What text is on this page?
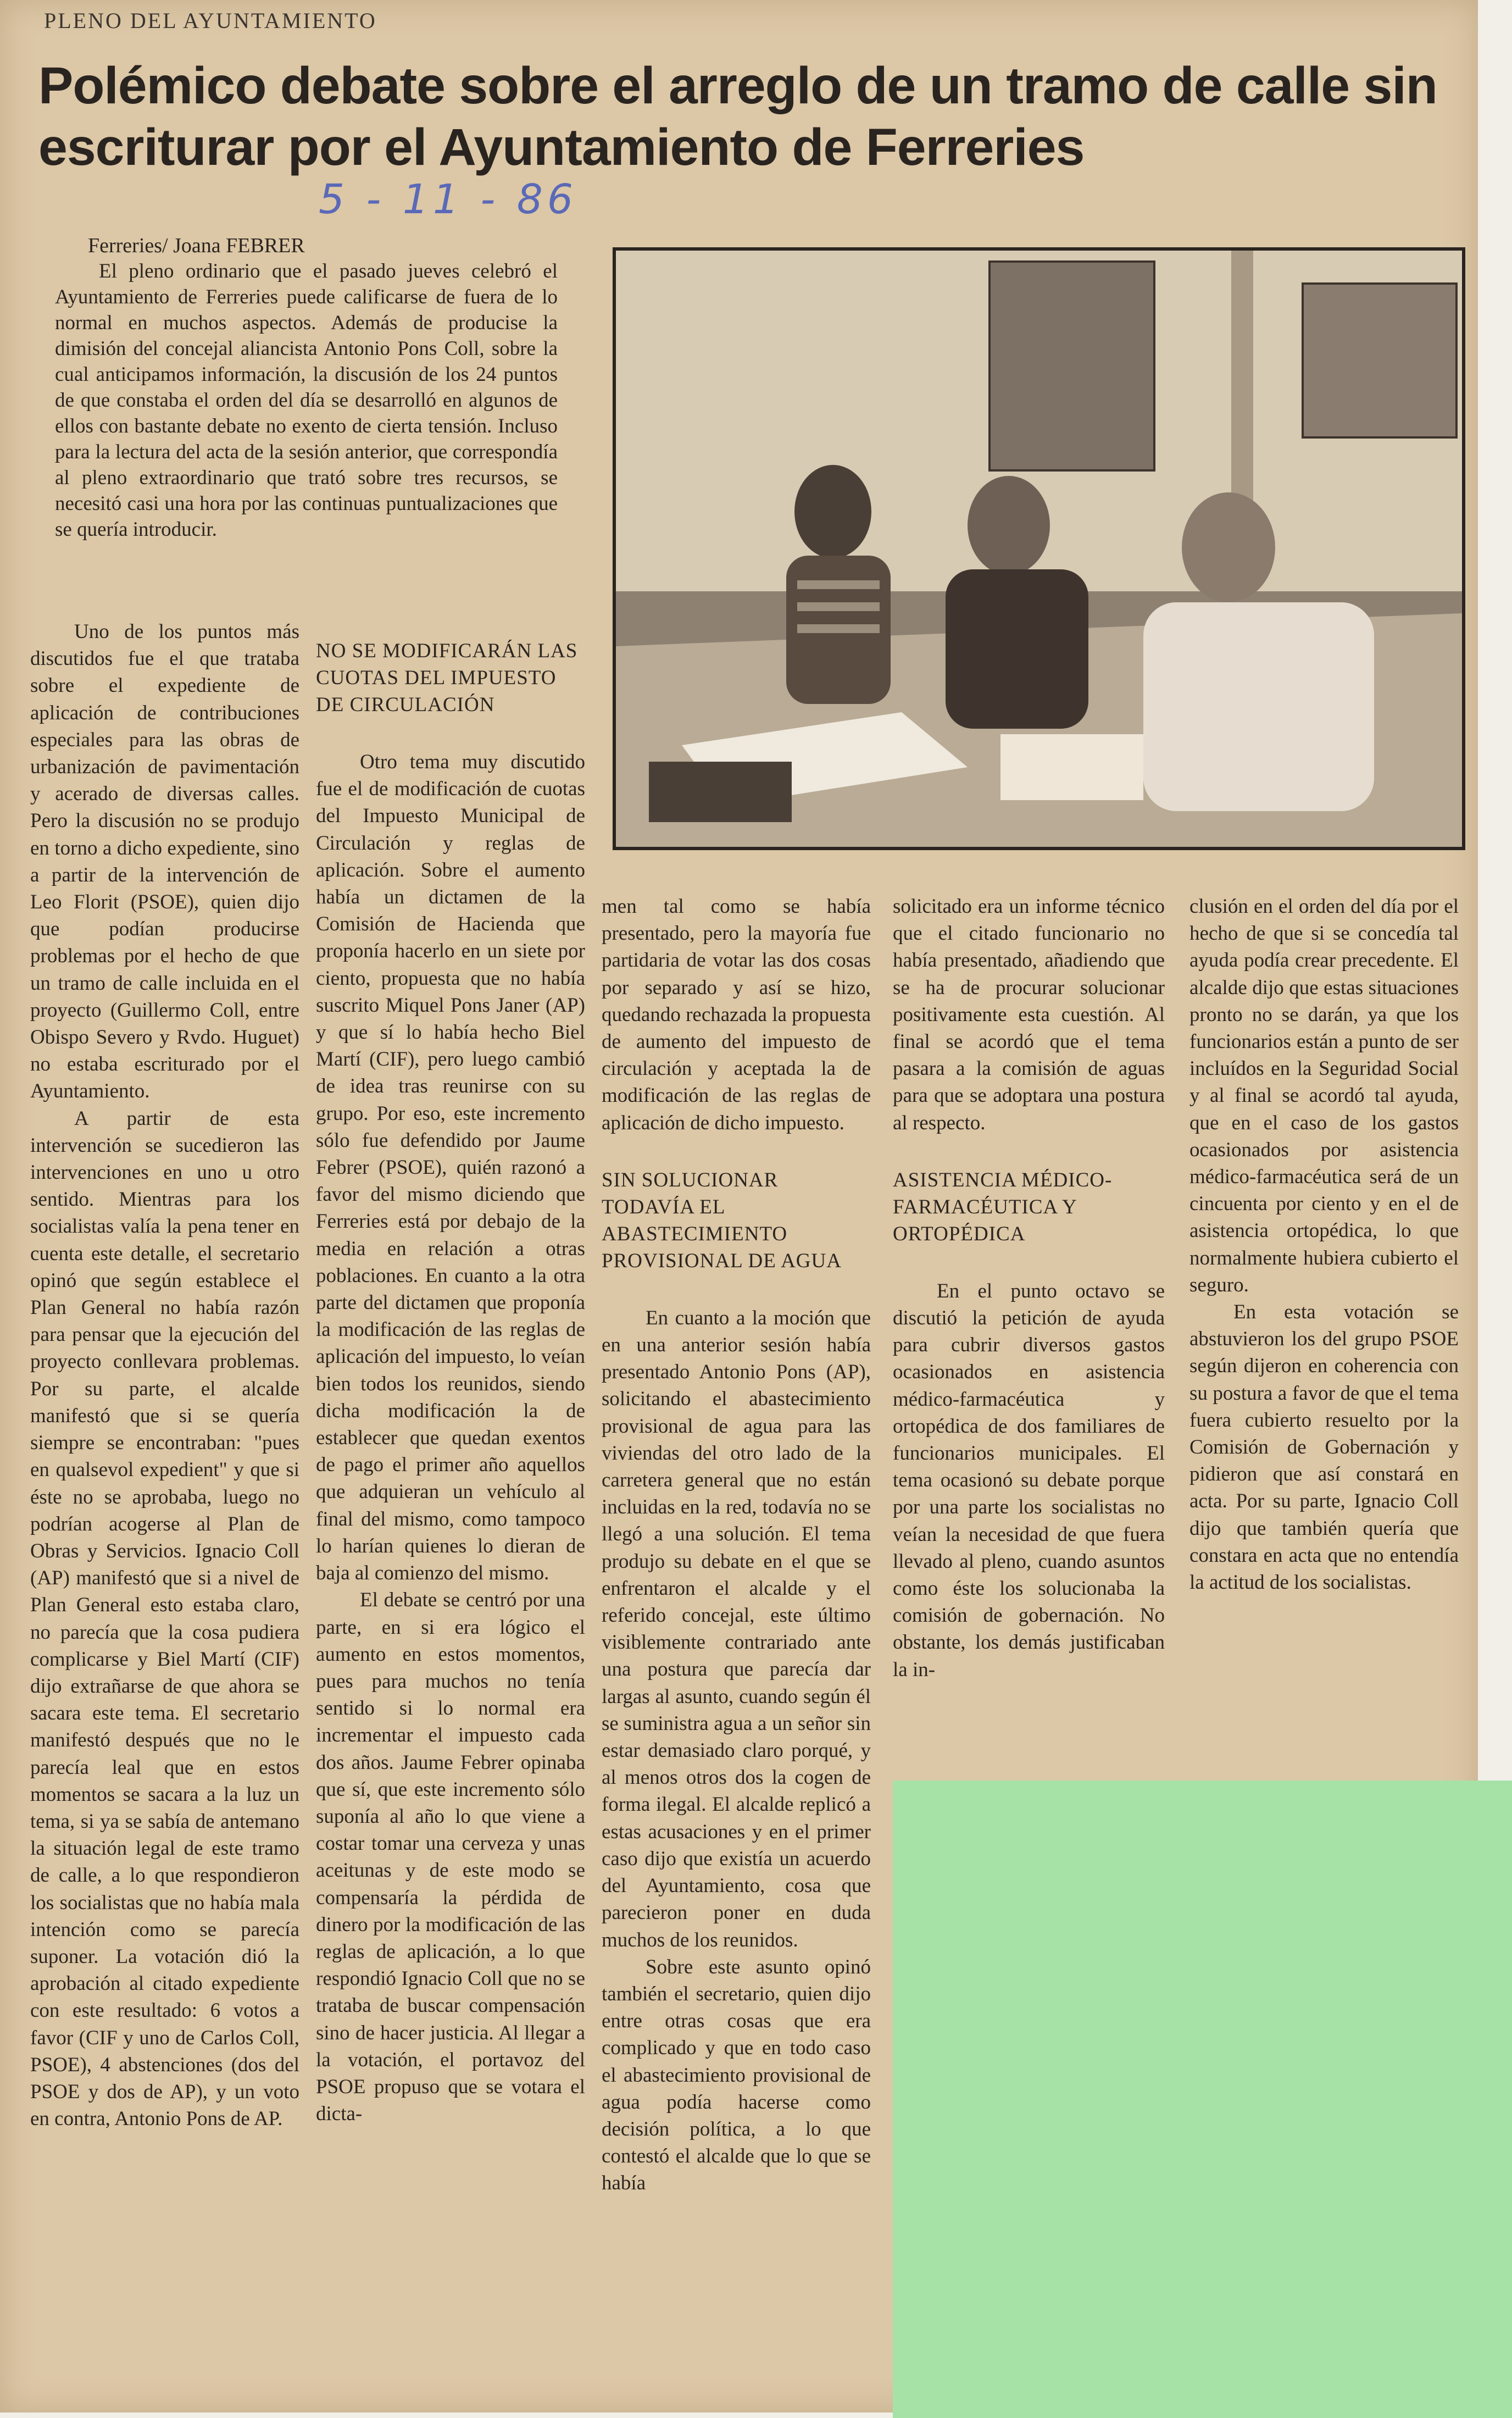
PLENO DEL AYUNTAMIENTO
Polémico debate sobre el arreglo de un tramo de calle sin
escriturar por el Ayuntamiento de Ferreries
5 - 11 - 86
Ferreries/ Joana FEBRER

El pleno ordinario que el pasado jueves celebró el Ayuntamiento de Ferreries puede calificarse de fuera de lo normal en muchos aspectos. Además de producise la dimisión del concejal aliancista Antonio Pons Coll, sobre la cual anticipamos información, la discusión de los 24 puntos de que constaba el orden del día se desarrolló en algunos de ellos con bastante debate no exento de cierta tensión. Incluso para la lectura del acta de la sesión anterior, que correspondía al pleno extraordinario que trató sobre tres recursos, se necesitó casi una hora por las continuas puntualizaciones que se quería introducir.

Uno de los puntos más discutidos fue el que trataba sobre el expediente de aplicación de contribuciones especiales para las obras de urbanización de pavimentación y acerado de diversas calles. Pero la discusión no se produjo en torno a dicho expediente, sino a partir de la intervención de Leo Florit (PSOE), quien dijo que podían producirse problemas por el hecho de que un tramo de calle incluida en el proyecto (Guillermo Coll, entre Obispo Severo y Rvdo. Huguet) no estaba escriturado por el Ayuntamiento.

A partir de esta intervención se sucedieron las intervenciones en uno u otro sentido. Mientras para los socialistas valía la pena tener en cuenta este detalle, el secretario opinó que según establece el Plan General no había razón para pensar que la ejecución del proyecto conllevara problemas. Por su parte, el alcalde manifestó que si se quería siempre se encontraban: "pues en qualsevol expedient" y que si éste no se aprobaba, luego no podrían acogerse al Plan de Obras y Servicios. Ignacio Coll (AP) manifestó que si a nivel de Plan General esto estaba claro, no parecía que la cosa pudiera complicarse y Biel Martí (CIF) dijo extrañarse de que ahora se sacara este tema. El secretario manifestó después que no le parecía leal que en estos momentos se sacara a la luz un tema, si ya se sabía de antemano la situación legal de este tramo de calle, a lo que respondieron los socialistas que no había mala intención como se parecía suponer. La votación dió la aprobación al citado expediente con este resultado: 6 votos a favor (CIF y uno de Carlos Coll, PSOE), 4 abstenciones (dos del PSOE y dos de AP), y un voto en contra, Antonio Pons de AP.

NO SE MODIFICARÁN LAS CUOTAS DEL IMPUESTO DE CIRCULACIÓN

Otro tema muy discutido fue el de modificación de cuotas del Impuesto Municipal de Circulación y reglas de aplicación. Sobre el aumento había un dictamen de la Comisión de Hacienda que proponía hacerlo en un siete por ciento, propuesta que no había suscrito Miquel Pons Janer (AP) y que sí lo había hecho Biel Martí (CIF), pero luego cambió de idea tras reunirse con su grupo. Por eso, este incremento sólo fue defendido por Jaume Febrer (PSOE), quién razonó a favor del mismo diciendo que Ferreries está por debajo de la media en relación a otras poblaciones. En cuanto a la otra parte del dictamen que proponía la modificación de las reglas de aplicación del impuesto, lo veían bien todos los reunidos, siendo dicha modificación la de establecer que quedan exentos de pago el primer año aquellos que adquieran un vehículo al final del mismo, como tampoco lo harían quienes lo dieran de baja al comienzo del mismo.

El debate se centró por una parte, en si era lógico el aumento en estos momentos, pues para muchos no tenía sentido si lo normal era incrementar el impuesto cada dos años. Jaume Febrer opinaba que sí, que este incremento sólo suponía al año lo que viene a costar tomar una cerveza y unas aceitunas y de este modo se compensaría la pérdida de dinero por la modificación de las reglas de aplicación, a lo que respondió Ignacio Coll que no se trataba de buscar compensación sino de hacer justicia. Al llegar a la votación, el portavoz del PSOE propuso que se votara el dicta-

men tal como se había presentado, pero la mayoría fue partidaria de votar las dos cosas por separado y así se hizo, quedando rechazada la propuesta de aumento del impuesto de circulación y aceptada la de modificación de las reglas de aplicación de dicho impuesto.

SIN SOLUCIONAR TODAVÍA EL ABASTECIMIENTO PROVISIONAL DE AGUA

En cuanto a la moción que en una anterior sesión había presentado Antonio Pons (AP), solicitando el abastecimiento provisional de agua para las viviendas del otro lado de la carretera general que no están incluidas en la red, todavía no se llegó a una solución. El tema produjo su debate en el que se enfrentaron el alcalde y el referido concejal, este último visiblemente contrariado ante una postura que parecía dar largas al asunto, cuando según él se suministra agua a un señor sin estar demasiado claro porqué, y al menos otros dos la cogen de forma ilegal. El alcalde replicó a estas acusaciones y en el primer caso dijo que existía un acuerdo del Ayuntamiento, cosa que parecieron poner en duda muchos de los reunidos.

Sobre este asunto opinó también el secretario, quien dijo entre otras cosas que era complicado y que en todo caso el abastecimiento provisional de agua podía hacerse como decisión política, a lo que contestó el alcalde que lo que se había

solicitado era un informe técnico que el citado funcionario no había presentado, añadiendo que se ha de procurar solucionar positivamente esta cuestión. Al final se acordó que el tema pasara a la comisión de aguas para que se adoptara una postura al respecto.

ASISTENCIA MÉDICO-FARMACÉUTICA Y ORTOPÉDICA

En el punto octavo se discutió la petición de ayuda para cubrir diversos gastos ocasionados en asistencia médico-farmacéutica y ortopédica de dos familiares de funcionarios municipales. El tema ocasionó su debate porque por una parte los socialistas no veían la necesidad de que fuera llevado al pleno, cuando asuntos como éste los solucionaba la comisión de gobernación. No obstante, los demás justificaban la in-

clusión en el orden del día por el hecho de que si se concedía tal ayuda podía crear precedente. El alcalde dijo que estas situaciones pronto no se darán, ya que los funcionarios están a punto de ser incluídos en la Seguridad Social y al final se acordó tal ayuda, que en el caso de los gastos ocasionados por asistencia médico-farmacéutica será de un cincuenta por ciento y en el de asistencia ortopédica, lo que normalmente hubiera cubierto el seguro.

En esta votación se abstuvieron los del grupo PSOE según dijeron en coherencia con su postura a favor de que el tema fuera cubierto resuelto por la Comisión de Gobernación y pidieron que así constará en acta. Por su parte, Ignacio Coll dijo que también quería que constara en acta que no entendía la actitud de los socialistas.
